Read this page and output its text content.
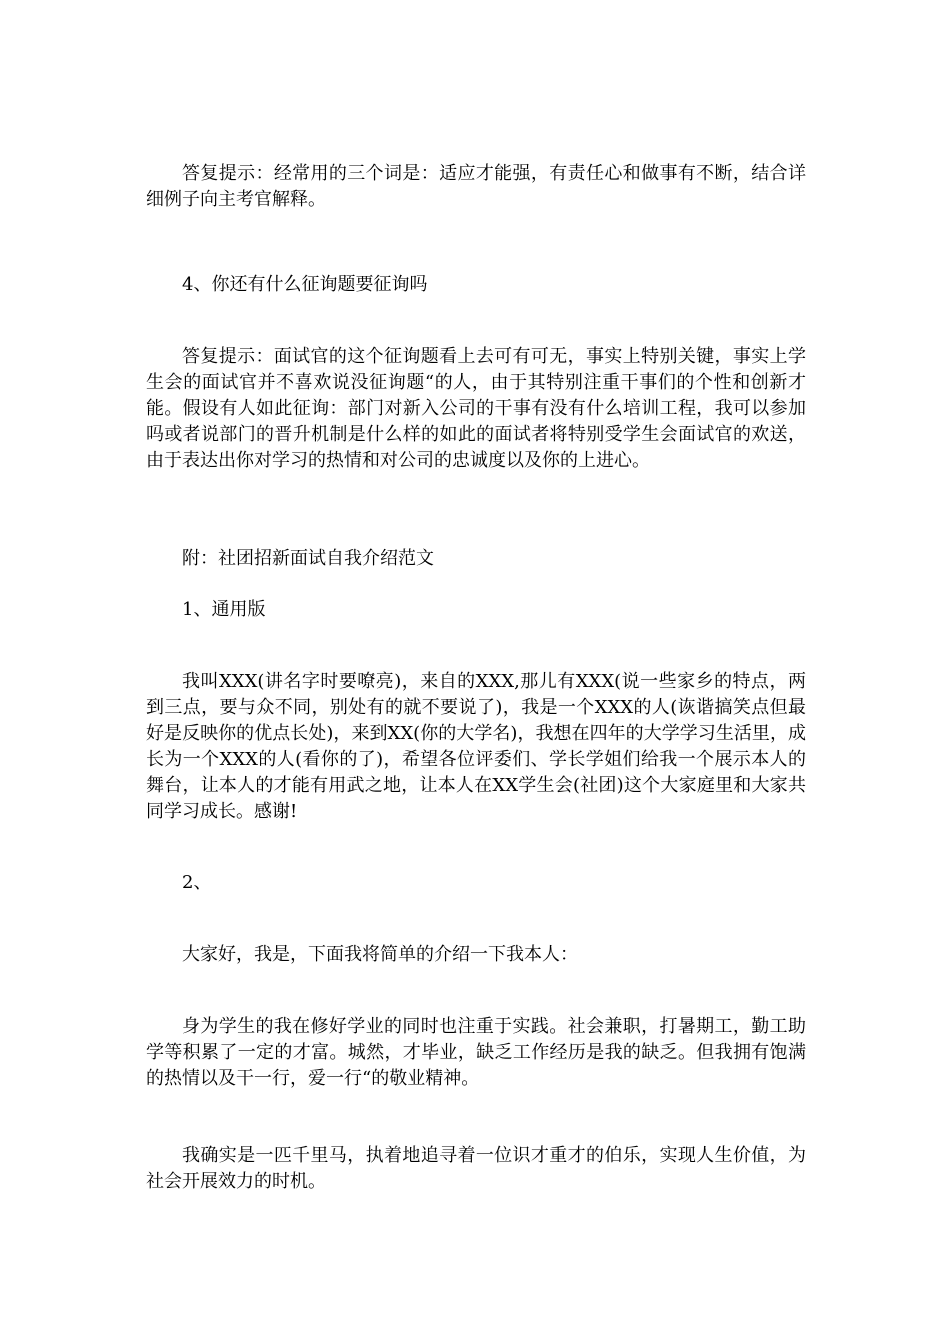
答复提示：经常用的三个词是：适应才能强，有责任心和做事有不断，结合详细例子向主考官解释。

4、你还有什么征询题要征询吗

答复提示：面试官的这个征询题看上去可有可无，事实上特别关键，事实上学生会的面试官并不喜欢说没征询题“的人，由于其特别注重干事们的个性和创新才能。假设有人如此征询：部门对新入公司的干事有没有什么培训工程，我可以参加吗或者说部门的晋升机制是什么样的如此的面试者将特别受学生会面试官的欢送，由于表达出你对学习的热情和对公司的忠诚度以及你的上进心。

附：社团招新面试自我介绍范文

1、通用版

我叫XXX(讲名字时要嘹亮)，来自的XXX,那儿有XXX(说一些家乡的特点，两到三点，要与众不同，别处有的就不要说了)，我是一个XXX的人(诙谐搞笑点但最好是反映你的优点长处)，来到XX(你的大学名)，我想在四年的大学学习生活里，成长为一个XXX的人(看你的了)，希望各位评委们、学长学姐们给我一个展示本人的舞台，让本人的才能有用武之地，让本人在XX学生会(社团)这个大家庭里和大家共同学习成长。感谢!

2、

大家好，我是，下面我将简单的介绍一下我本人：

身为学生的我在修好学业的同时也注重于实践。社会兼职，打暑期工，勤工助学等积累了一定的才富。城然，才毕业，缺乏工作经历是我的缺乏。但我拥有饱满的热情以及干一行，爱一行“的敬业精神。

我确实是一匹千里马，执着地追寻着一位识才重才的伯乐，实现人生价值，为社会开展效力的时机。
